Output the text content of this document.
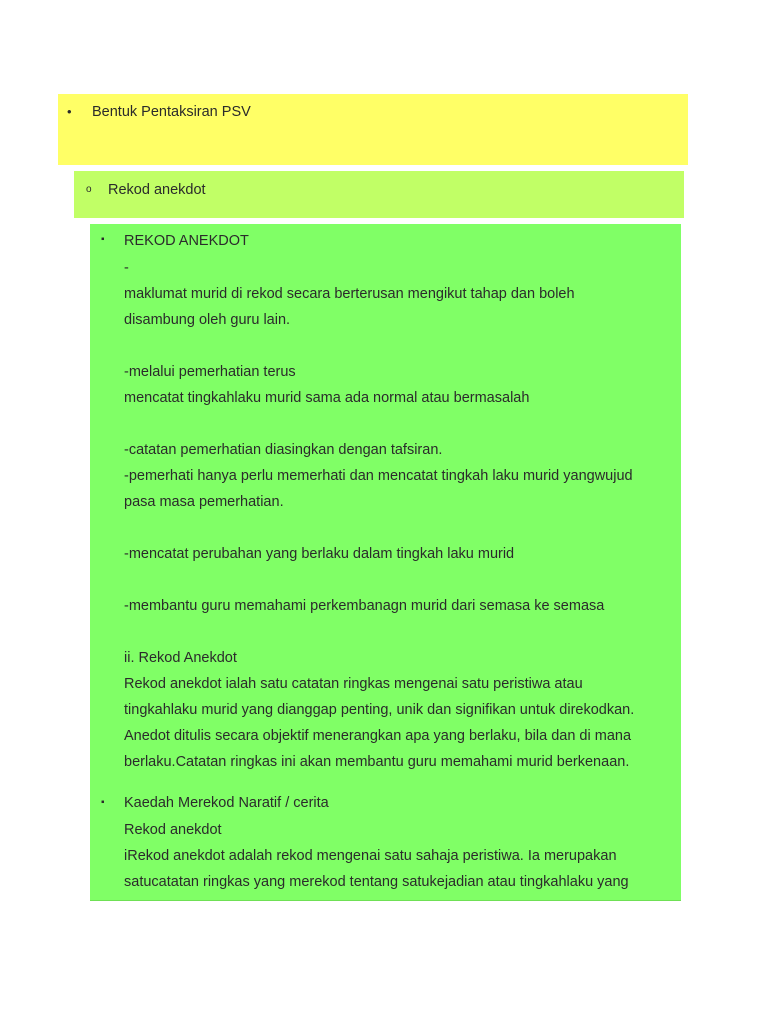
• Bentuk Pentaksiran PSV
o Rekod anekdot
▪ REKOD ANEKDOT
-
maklumat murid di rekod secara berterusan mengikut tahap dan boleh
disambung oleh guru lain.
-melalui pemerhatian terus
mencatat tingkahlaku murid sama ada normal atau bermasalah
-catatan pemerhatian diasingkan dengan tafsiran.
-pemerhati hanya perlu memerhati dan mencatat tingkah laku murid yangwujud
pasa masa pemerhatian.
-mencatat perubahan yang berlaku dalam tingkah laku murid
-membantu guru memahami perkembanagn murid dari semasa ke semasa
ii. Rekod Anekdot
Rekod anekdot ialah satu catatan ringkas mengenai satu peristiwa atau
tingkahlaku murid yang dianggap penting, unik dan signifikan untuk direkodkan.
Anedot ditulis secara objektif menerangkan apa yang berlaku, bila dan di mana
berlaku.Catatan ringkas ini akan membantu guru memahami murid berkenaan.
▪ Kaedah Merekod Naratif / cerita
Rekod anekdot
iRekod anekdot adalah rekod mengenai satu sahaja peristiwa. Ia merupakan
satucatatan ringkas yang merekod tentang satukejadian atau tingkahlaku yang
